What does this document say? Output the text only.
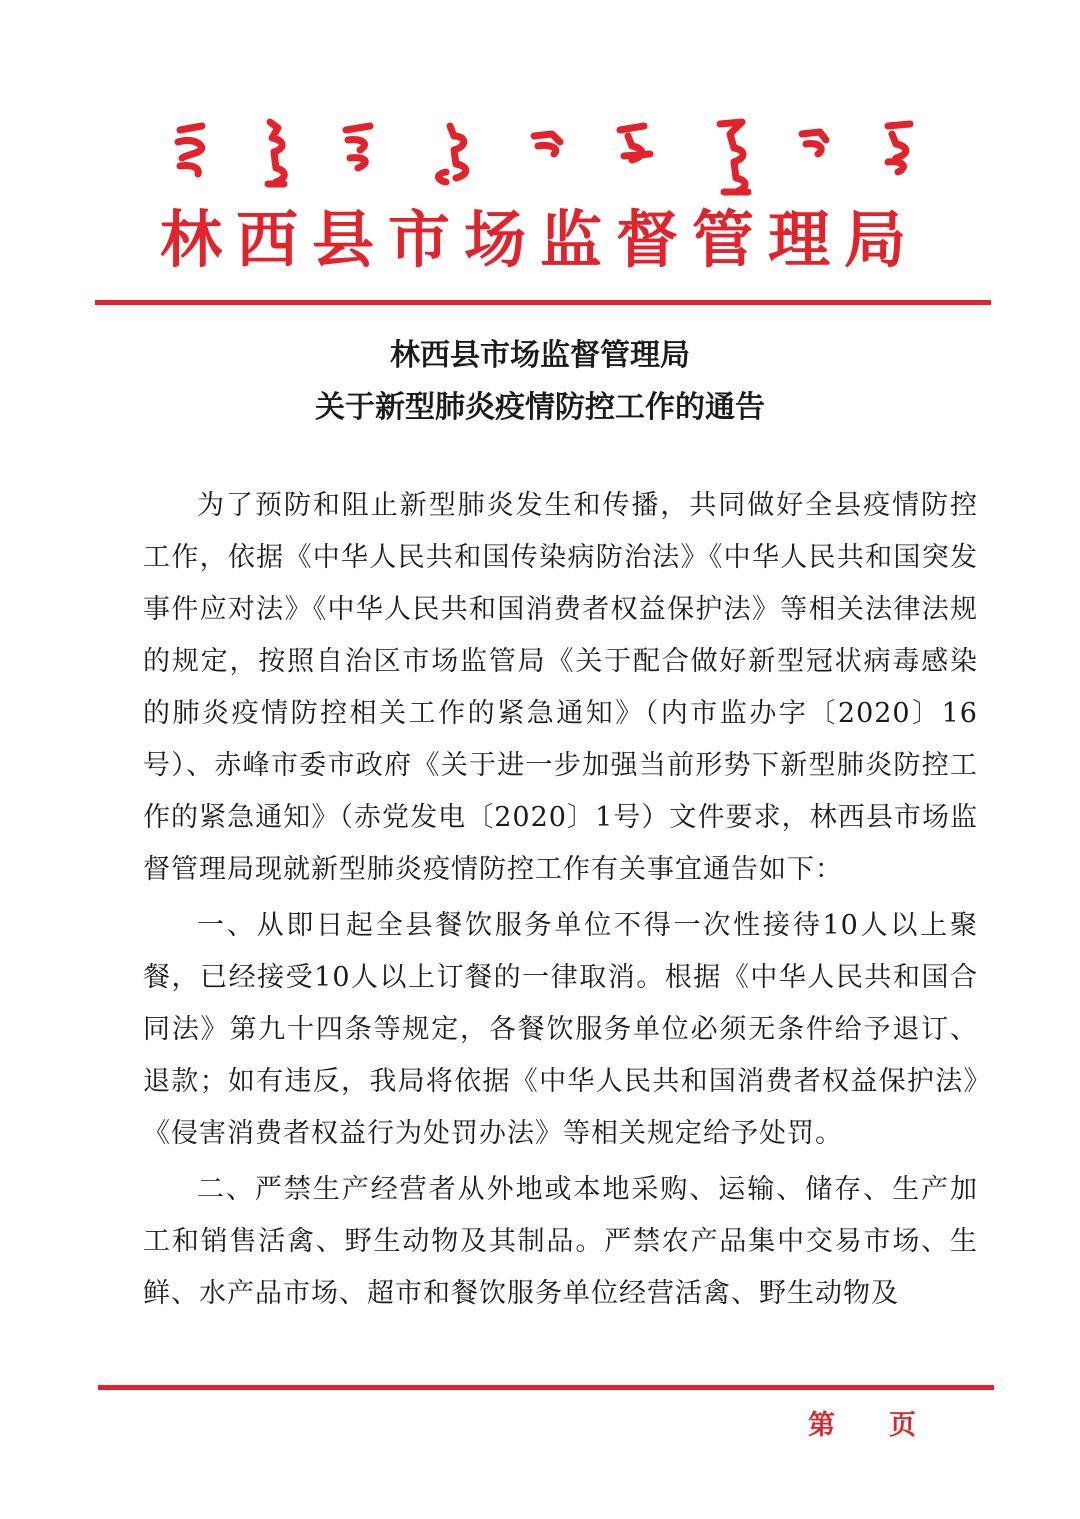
林西县市场监督管理局
林西县市场监督管理局
关于新型肺炎疫情防控工作的通告

为了预防和阻止新型肺炎发生和传播，共同做好全县疫情防控工作，依据《中华人民共和国传染病防治法》《中华人民共和国突发事件应对法》《中华人民共和国消费者权益保护法》等相关法律法规的规定，按照自治区市场监管局《关于配合做好新型冠状病毒感染的肺炎疫情防控相关工作的紧急通知》（内市监办字〔2020〕16号）、赤峰市委市政府《关于进一步加强当前形势下新型肺炎防控工作的紧急通知》（赤党发电〔2020〕1号）文件要求，林西县市场监督管理局现就新型肺炎疫情防控工作有关事宜通告如下：

一、从即日起全县餐饮服务单位不得一次性接待10人以上聚餐，已经接受10人以上订餐的一律取消。根据《中华人民共和国合同法》第九十四条等规定，各餐饮服务单位必须无条件给予退订、退款；如有违反，我局将依据《中华人民共和国消费者权益保护法》《侵害消费者权益行为处罚办法》等相关规定给予处罚。

二、严禁生产经营者从外地或本地采购、运输、储存、生产加工和销售活禽、野生动物及其制品。严禁农产品集中交易市场、生鲜、水产品市场、超市和餐饮服务单位经营活禽、野生动物及

第页
